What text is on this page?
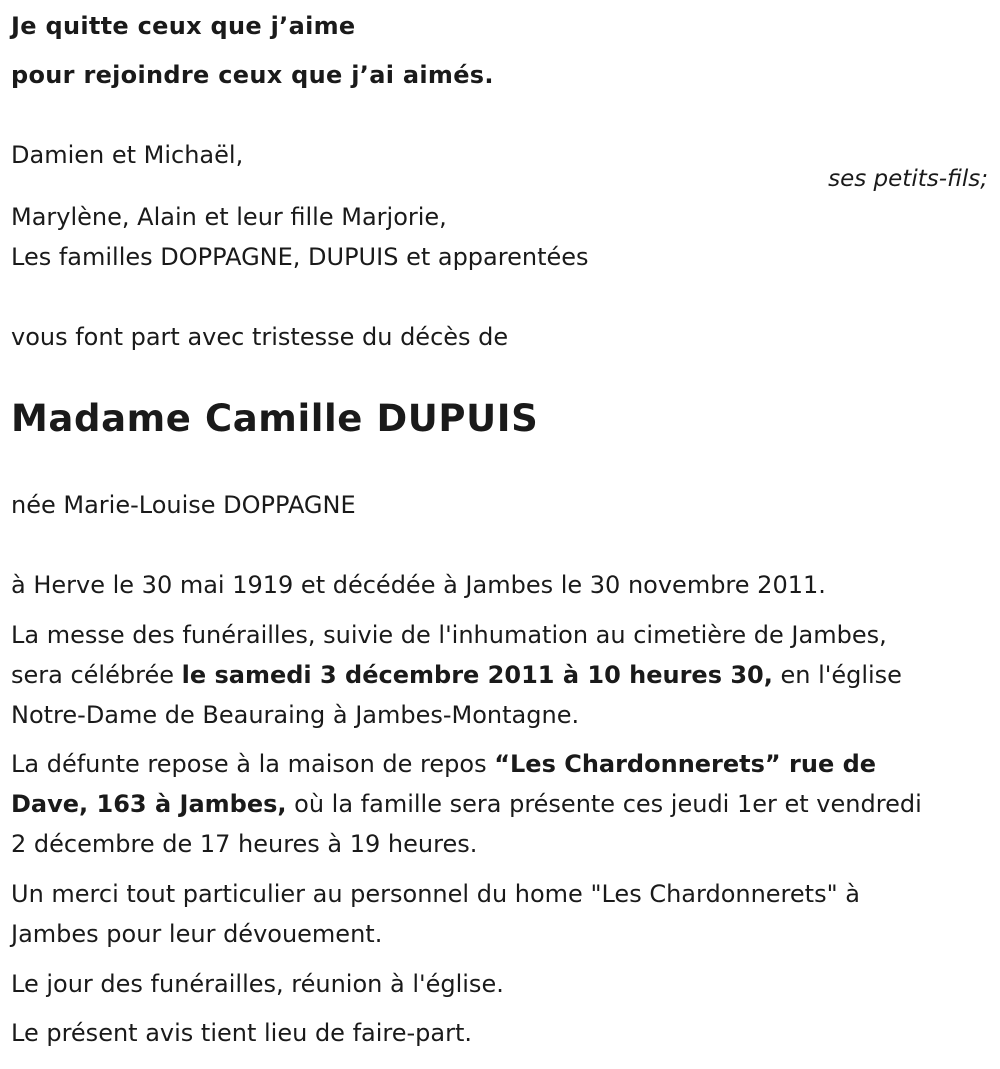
Je quitte ceux que j’aime
pour rejoindre ceux que j’ai aimés.
Damien et Michaël,
ses petits-fils;
Marylène, Alain et leur fille Marjorie,
Les familles DOPPAGNE, DUPUIS et apparentées
vous font part avec tristesse du décès de
Madame Camille DUPUIS
née Marie-Louise DOPPAGNE
à Herve le 30 mai 1919 et décédée à Jambes le 30 novembre 2011.
La messe des funérailles, suivie de l'inhumation au cimetière de Jambes,
sera célébrée le samedi 3 décembre 2011 à 10 heures 30, en l'église
Notre-Dame de Beauraing à Jambes-Montagne.
La défunte repose à la maison de repos “Les Chardonnerets” rue de
Dave, 163 à Jambes, où la famille sera présente ces jeudi 1er et vendredi
2 décembre de 17 heures à 19 heures.
Un merci tout particulier au personnel du home "Les Chardonnerets" à
Jambes pour leur dévouement.
Le jour des funérailles, réunion à l'église.
Le présent avis tient lieu de faire-part.
